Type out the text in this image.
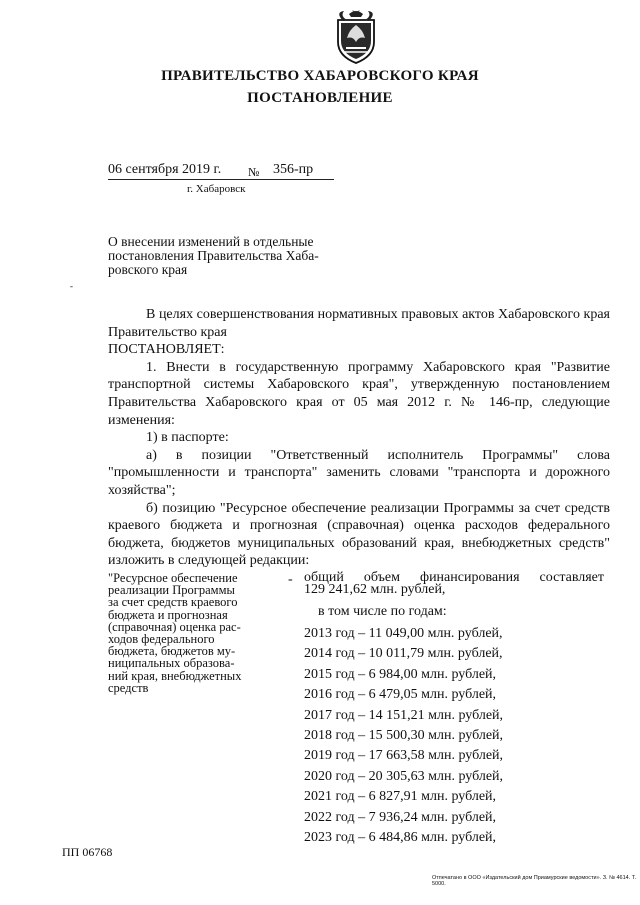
ПРАВИТЕЛЬСТВО ХАБАРОВСКОГО КРАЯ
ПОСТАНОВЛЕНИЕ
06 сентября 2019 г. № 356-пр
г. Хабаровск
О внесении изменений в отдельные
постановления Правительства Хаба-
ровского края
-

В целях совершенствования нормативных правовых актов Хабаровского края Правительство края

ПОСТАНОВЛЯЕТ:

1. Внести в государственную программу Хабаровского края "Развитие транспортной системы Хабаровского края", утвержденную постановлением Правительства Хабаровского края от 05 мая 2012 г. № 146-пр, следующие изменения:

1) в паспорте:

а) в позиции "Ответственный исполнитель Программы" слова "промышленности и транспорта" заменить словами "транспорта и дорожного хозяйства";

б) позицию "Ресурсное обеспечение реализации Программы за счет средств краевого бюджета и прогнозная (справочная) оценка расходов федерального бюджета, бюджетов муниципальных образований края, внебюджетных средств" изложить в следующей редакции:

"Ресурсное обеспечение
реализации Программы
за счет средств краевого
бюджета и прогнозная
(справочная) оценка рас-
ходов федерального
бюджета, бюджетов му-
ниципальных образова-
ний края, внебюджетных
средств
- общий объем финансирования составляет
129 241,62 млн. рублей,
в том числе по годам:
2013 год – 11 049,00 млн. рублей,
2014 год – 10 011,79 млн. рублей,
2015 год – 6 984,00 млн. рублей,
2016 год – 6 479,05 млн. рублей,
2017 год – 14 151,21 млн. рублей,
2018 год – 15 500,30 млн. рублей,
2019 год – 17 663,58 млн. рублей,
2020 год – 20 305,63 млн. рублей,
2021 год – 6 827,91 млн. рублей,
2022 год – 7 936,24 млн. рублей,
2023 год – 6 484,86 млн. рублей,
ПП 06768
Отпечатано в ООО «Издательский дом Приамурские ведомости». З. № 4614. Т. 5000.
